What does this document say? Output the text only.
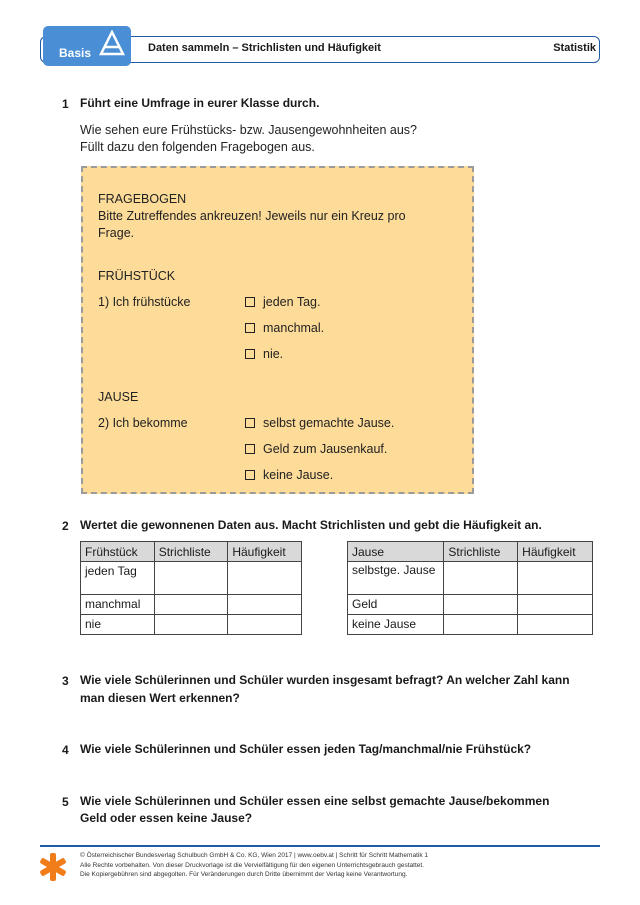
Basis	Daten sammeln – Strichlisten und Häufigkeit	Statistik
1 Führt eine Umfrage in eurer Klasse durch.
Wie sehen eure Frühstücks- bzw. Jausengewohnheiten aus?
Füllt dazu den folgenden Fragebogen aus.
FRAGEBOGEN
Bitte Zutreffendes ankreuzen! Jeweils nur ein Kreuz pro
Frage.
FRÜHSTÜCK
1) Ich frühstücke	jeden Tag.
manchmal.
nie.
JAUSE
2) Ich bekomme	selbst gemachte Jause.
Geld zum Jausenkauf.
keine Jause.
2 Wertet die gewonnenen Daten aus. Macht Strichlisten und gebt die Häufigkeit an.
Frühstück	Strichliste	Häufigkeit
jeden Tag		
manchmal		
nie		
Jause	Strichliste	Häufigkeit
selbstge. Jause		
Geld		
keine Jause		
3 Wie viele Schülerinnen und Schüler wurden insgesamt befragt? An welcher Zahl kann
man diesen Wert erkennen?
4 Wie viele Schülerinnen und Schüler essen jeden Tag/manchmal/nie Frühstück?
5 Wie viele Schülerinnen und Schüler essen eine selbst gemachte Jause/bekommen
Geld oder essen keine Jause?
© Österreichischer Bundesverlag Schulbuch GmbH & Co. KG, Wien 2017 | www.oebv.at | Schritt für Schritt Mathematik 1
Alle Rechte vorbehalten. Von dieser Druckvorlage ist die Vervielfältigung für den eigenen Unterrichtsgebrauch gestattet.
Die Kopiergebühren sind abgegolten. Für Veränderungen durch Dritte übernimmt der Verlag keine Verantwortung.
